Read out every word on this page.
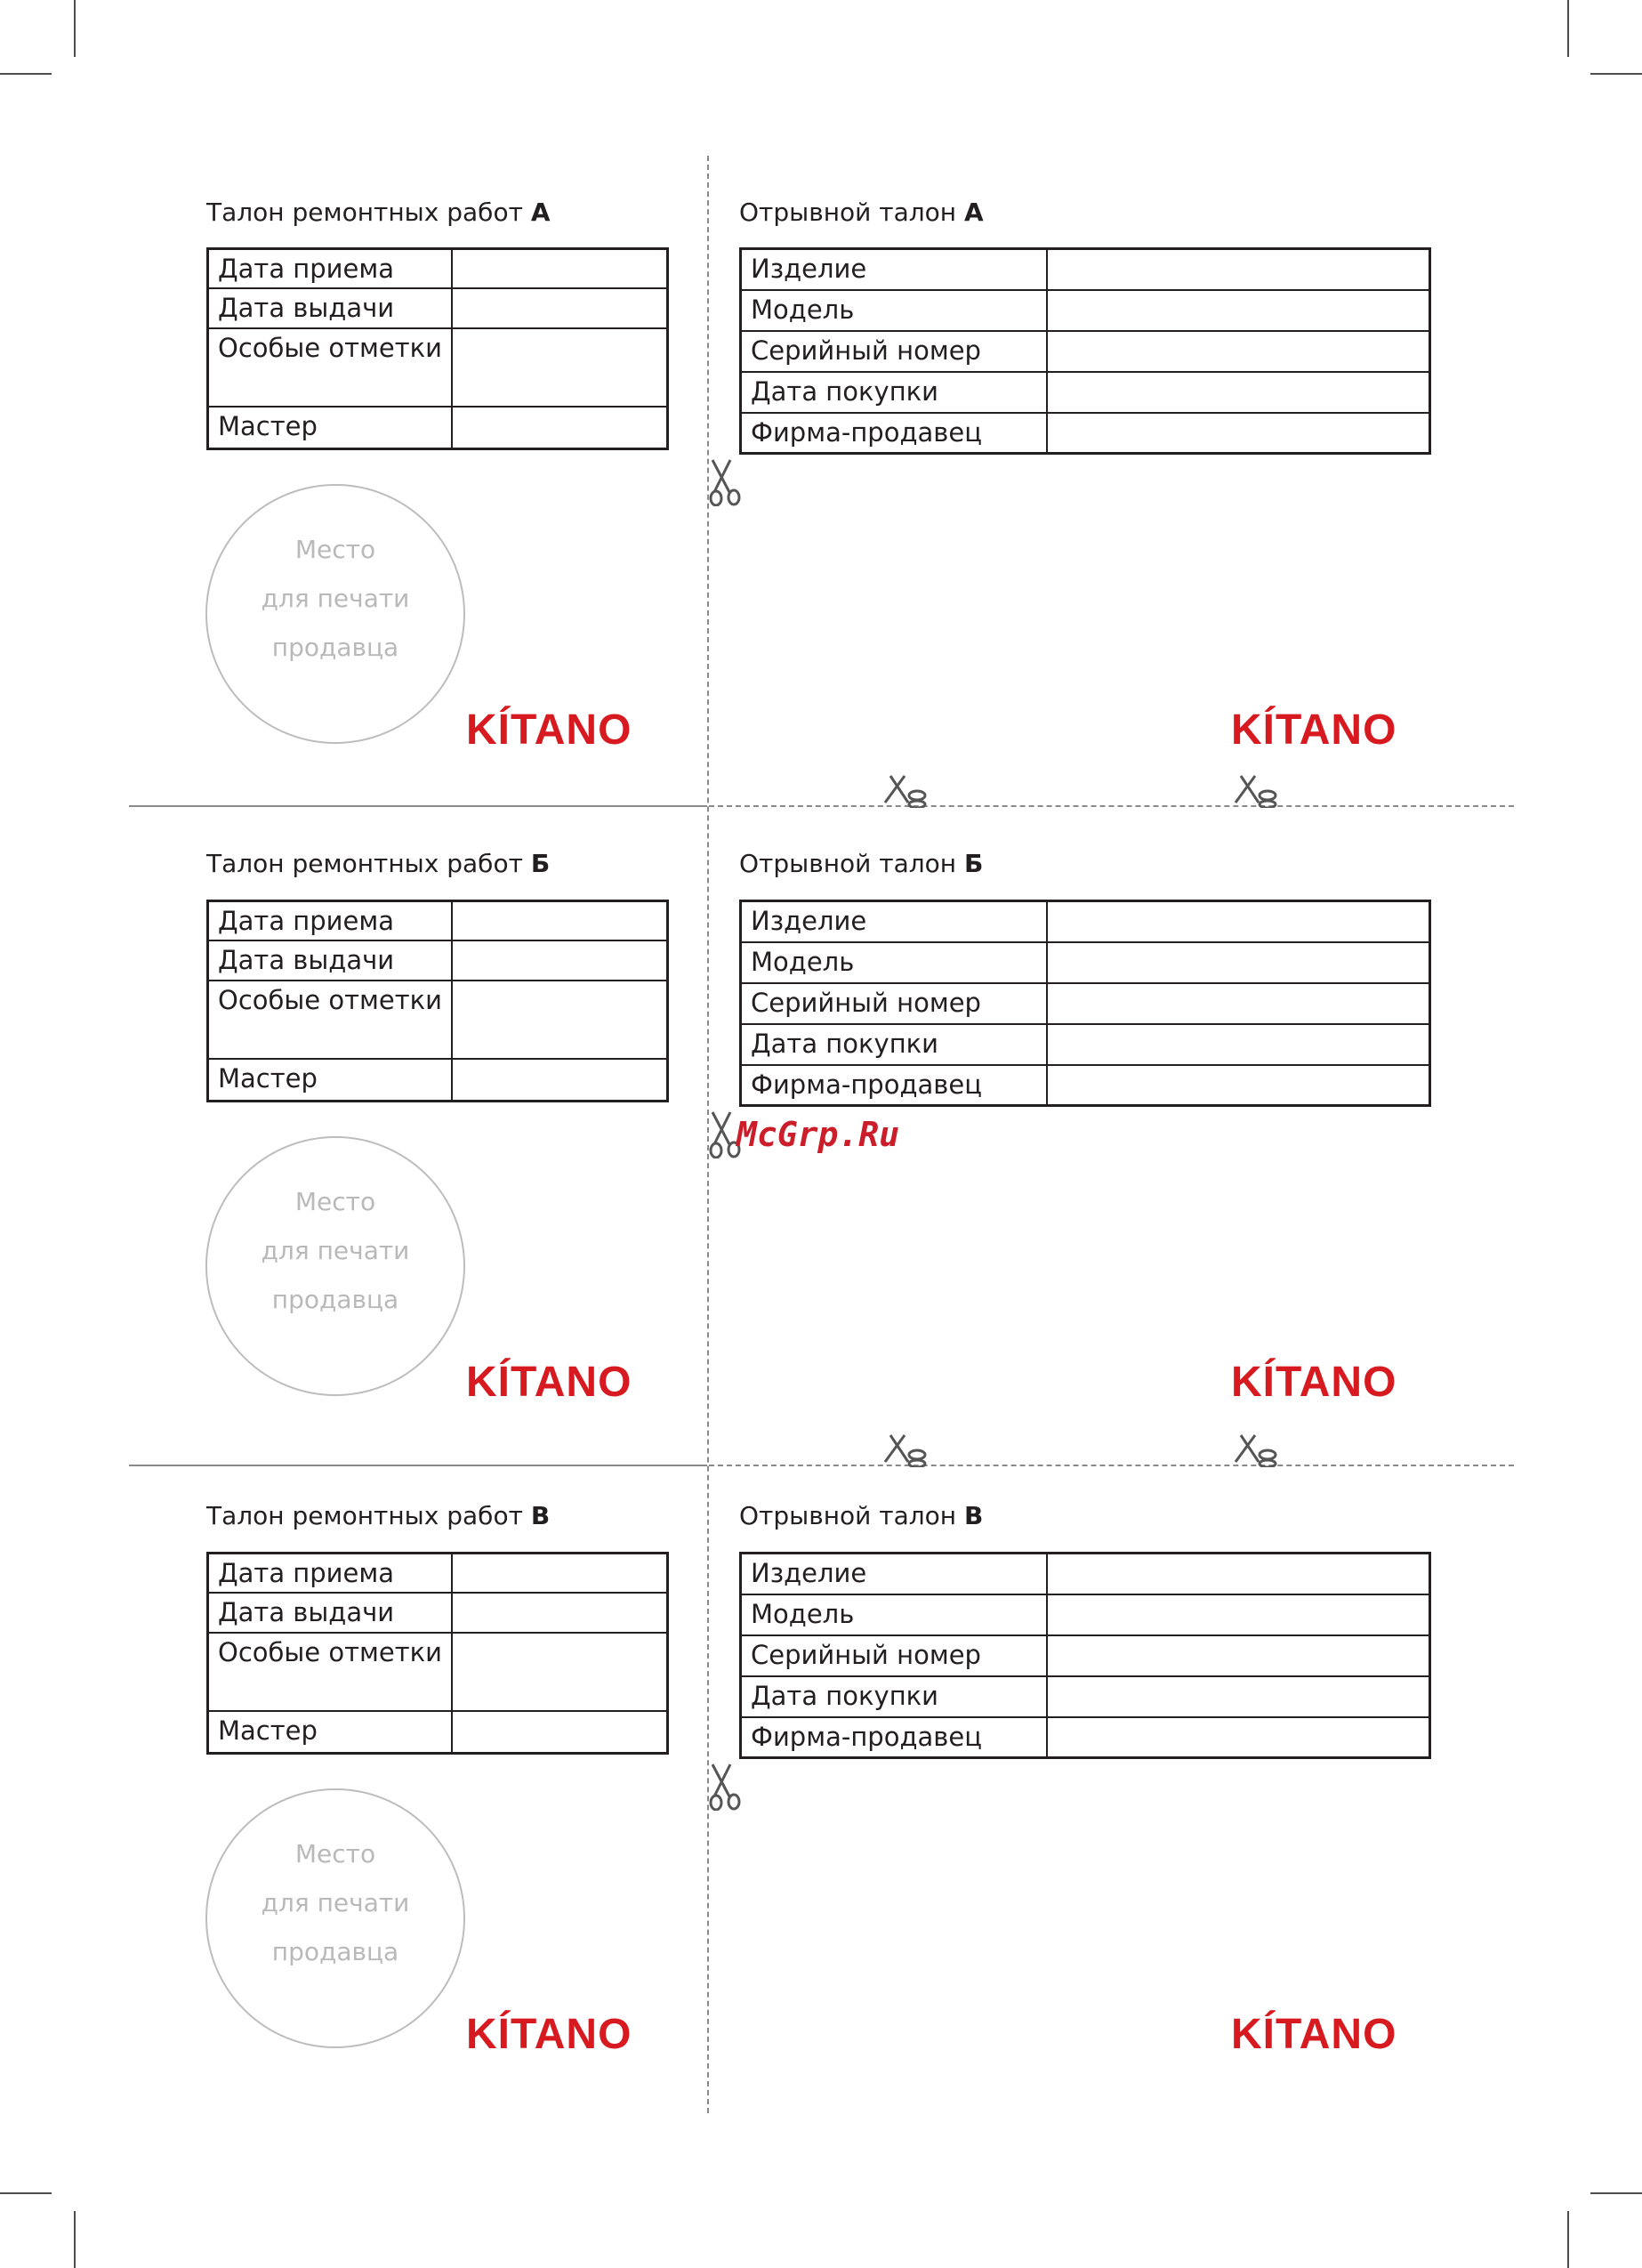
Талон ремонтных работ А
Дата приема	
Дата выдачи	
Особые отметки	
Мастер	
Место
для печати
продавца
KÍTANO
Отрывной талон А
Изделие	
Модель	
Серийный номер	
Дата покупки	
Фирма-продавец	
KÍTANO
Талон ремонтных работ Б
Дата приема	
Дата выдачи	
Особые отметки	
Мастер	
Место
для печати
продавца
KÍTANO
Отрывной талон Б
Изделие	
Модель	
Серийный номер	
Дата покупки	
Фирма-продавец	
KÍTANO
Талон ремонтных работ В
Дата приема	
Дата выдачи	
Особые отметки	
Мастер	
Место
для печати
продавца
KÍTANO
Отрывной талон В
Изделие	
Модель	
Серийный номер	
Дата покупки	
Фирма-продавец	
KÍTANO
McGrp.Ru
